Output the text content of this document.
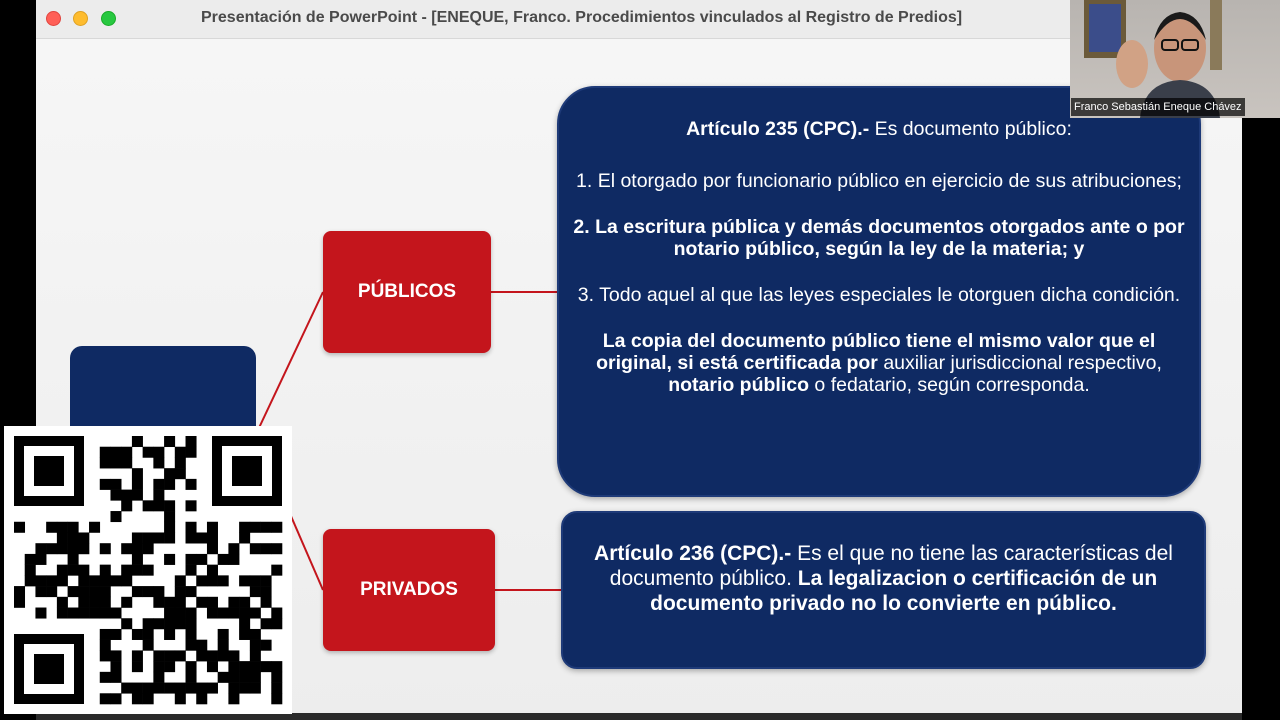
Presentación de PowerPoint - [ENEQUE, Franco. Procedimientos vinculados al Registro de Predios]
PÚBLICOS
PRIVADOS

Artículo 235 (CPC).- Es documento público:

1. El otorgado por funcionario público en ejercicio de sus atribuciones;

2. La escritura pública y demás documentos otorgados ante o por notario público, según la ley de la materia; y

3. Todo aquel al que las leyes especiales le otorguen dicha condición.

La copia del documento público tiene el mismo valor que el original, si está certificada por auxiliar jurisdiccional respectivo, notario público o fedatario, según corresponda.

Artículo 236 (CPC).- Es el que no tiene las características del documento público. La legalizacion o certificación de un documento privado no lo convierte en público.
Franco Sebastián Eneque Chávez
